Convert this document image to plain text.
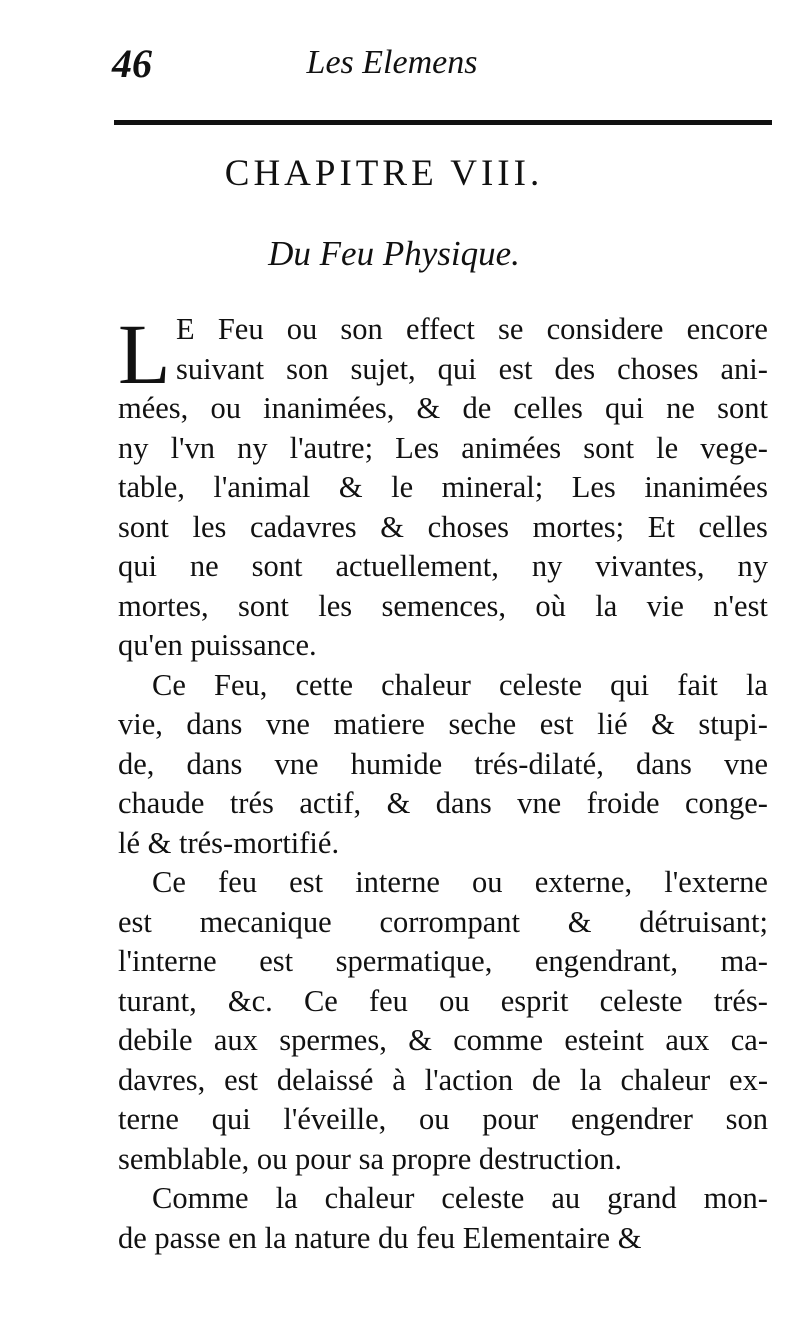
46	Les Elemens
CHAPITRE VIII.
Du Feu Physique.
L E Feu ou son effect se considere encore
suivant son sujet, qui est des choses ani-
mées, ou inanimées, & de celles qui ne sont
ny l'vn ny l'autre; Les animées sont le vege-
table, l'animal & le mineral; Les inanimées
sont les cadavres & choses mortes; Et celles
qui ne sont actuellement, ny vivantes, ny
mortes, sont les semences, où la vie n'est
qu'en puissance.
Ce Feu, cette chaleur celeste qui fait la
vie, dans vne matiere seche est lié & stupi-
de, dans vne humide trés-dilaté, dans vne
chaude trés actif, & dans vne froide conge-
lé & trés-mortifié.
Ce feu est interne ou externe, l'externe
est mecanique corrompant & détruisant;
l'interne est spermatique, engendrant, ma-
turant, &c. Ce feu ou esprit celeste trés-
debile aux spermes, & comme esteint aux ca-
davres, est delaissé à l'action de la chaleur ex-
terne qui l'éveille, ou pour engendrer son
semblable, ou pour sa propre destruction.
Comme la chaleur celeste au grand mon-
de passe en la nature du feu Elementaire &
